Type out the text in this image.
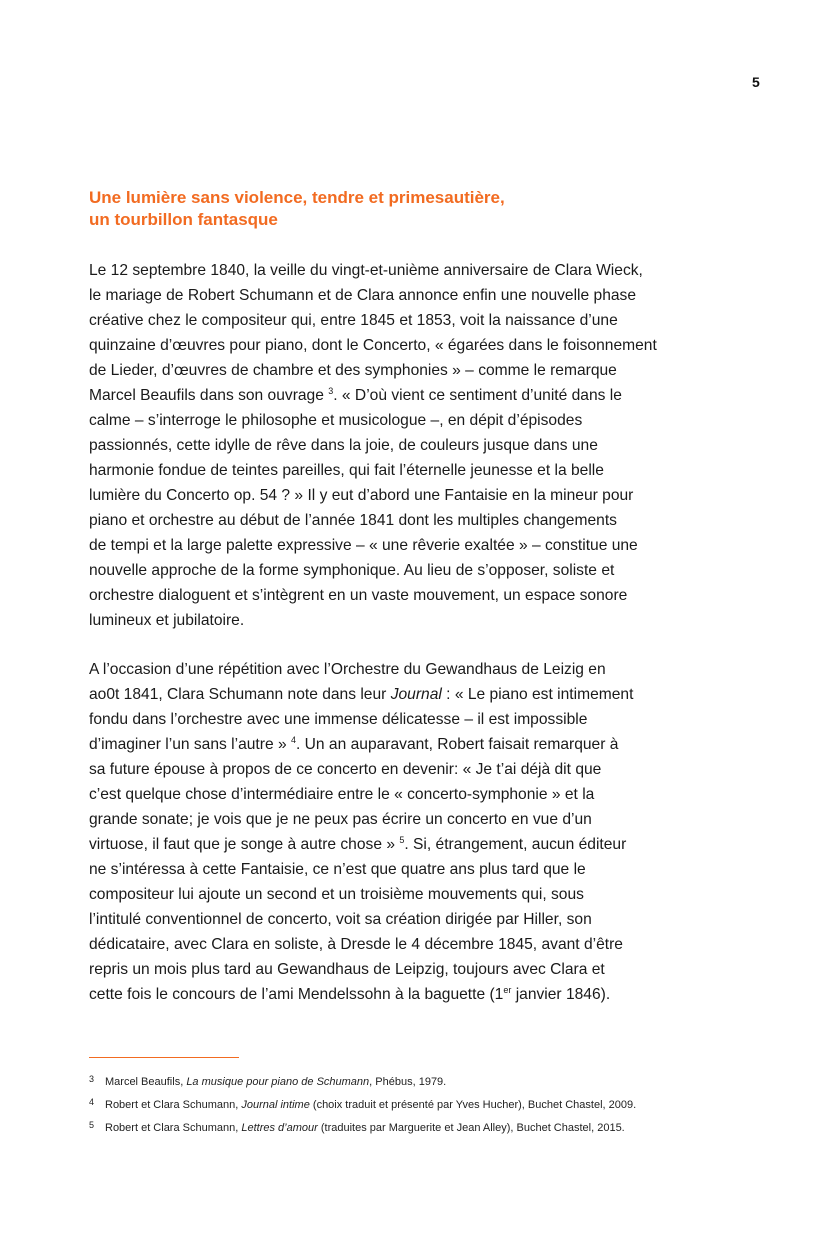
5
Une lumière sans violence, tendre et primesautière,
un tourbillon fantasque

Le 12 septembre 1840, la veille du vingt-et-unième anniversaire de Clara Wieck,
le mariage de Robert Schumann et de Clara annonce enfin une nouvelle phase
créative chez le compositeur qui, entre 1845 et 1853, voit la naissance d’une
quinzaine d’œuvres pour piano, dont le Concerto, « égarées dans le foisonnement
de Lieder, d’œuvres de chambre et des symphonies » – comme le remarque
Marcel Beaufils dans son ouvrage $^3$. « D’où vient ce sentiment d’unité dans le
calme – s’interroge le philosophe et musicologue –, en dépit d’épisodes
passionnés, cette idylle de rêve dans la joie, de couleurs jusque dans une
harmonie fondue de teintes pareilles, qui fait l’éternelle jeunesse et la belle
lumière du Concerto op. 54 ? » Il y eut d’abord une Fantaisie en la mineur pour
piano et orchestre au début de l’année 1841 dont les multiples changements
de tempi et la large palette expressive – « une rêverie exaltée » – constitue une
nouvelle approche de la forme symphonique. Au lieu de s’opposer, soliste et
orchestre dialoguent et s’intègrent en un vaste mouvement, un espace sonore
lumineux et jubilatoire.

A l’occasion d’une répétition avec l’Orchestre du Gewandhaus de Leizig en
ao0t 1841, Clara Schumann note dans leur Journal : « Le piano est intimement
fondu dans l’orchestre avec une immense délicatesse – il est impossible
d’imaginer l’un sans l’autre » $^4$. Un an auparavant, Robert faisait remarquer à
sa future épouse à propos de ce concerto en devenir: « Je t’ai déjà dit que
c’est quelque chose d’intermédiaire entre le « concerto-symphonie » et la
grande sonate; je vois que je ne peux pas écrire un concerto en vue d’un
virtuose, il faut que je songe à autre chose » $^5$. Si, étrangement, aucun éditeur
ne s’intéressa à cette Fantaisie, ce n’est que quatre ans plus tard que le
compositeur lui ajoute un second et un troisième mouvements qui, sous
l’intitulé conventionnel de concerto, voit sa création dirigée par Hiller, son
dédicataire, avec Clara en soliste, à Dresde le 4 décembre 1845, avant d’être
repris un mois plus tard au Gewandhaus de Leipzig, toujours avec Clara et
cette fois le concours de l’ami Mendelssohn à la baguette (1er janvier 1846).

3 Marcel Beaufils, La musique pour piano de Schumann, Phébus, 1979.
4 Robert et Clara Schumann, Journal intime (choix traduit et présenté par Yves Hucher), Buchet Chastel, 2009.
5 Robert et Clara Schumann, Lettres d’amour (traduites par Marguerite et Jean Alley), Buchet Chastel, 2015.
